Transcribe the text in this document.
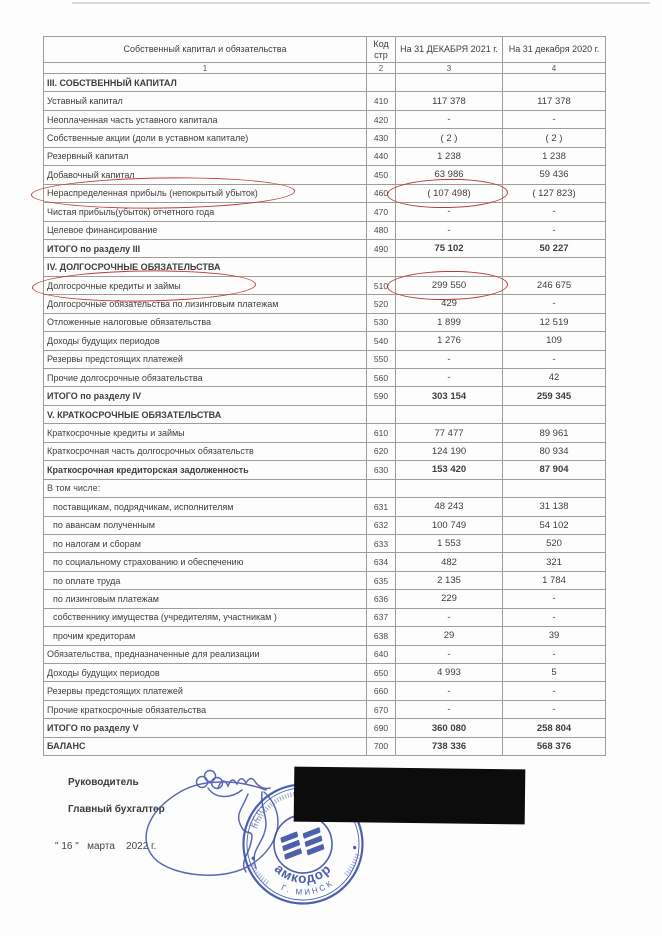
Собственный капитал и обязательства	Код стр	На 31 ДЕКАБРЯ 2021 г.	На 31 декабря 2020 г.
1	2	3	4
III. СОБСТВЕННЫЙ КАПИТАЛ			
Уставный капитал	410	117 378	117 378
Неоплаченная часть уставного капитала	420	-	-
Собственные акции (доли в уставном капитале)	430	( 2 )	( 2 )
Резервный капитал	440	1 238	1 238
Добавочный капитал	450	63 986	59 436
Нераспределенная прибыль (непокрытый убыток)	460	( 107 498)	( 127 823)
Чистая прибыль(убыток) отчетного года	470	-	-
Целевое финансирование	480	-	-
ИТОГО по разделу III	490	75 102	50 227
IV. ДОЛГОСРОЧНЫЕ ОБЯЗАТЕЛЬСТВА			
Долгосрочные кредиты и займы	510	299 550	246 675
Долгосрочные обязательства по лизинговым платежам	520	429	-
Отложенные налоговые обязательства	530	1 899	12 519
Доходы будущих периодов	540	1 276	109
Резервы предстоящих платежей	550	-	-
Прочие долгосрочные обязательства	560	-	42
ИТОГО по разделу IV	590	303 154	259 345
V. КРАТКОСРОЧНЫЕ ОБЯЗАТЕЛЬСТВА			
Краткосрочные кредиты и займы	610	77 477	89 961
Краткосрочная часть долгосрочных обязательств	620	124 190	80 934
Краткосрочная кредиторская задолженность	630	153 420	87 904
В том числе:			
поставщикам, подрядчикам, исполнителям	631	48 243	31 138
по авансам полученным	632	100 749	54 102
по налогам и сборам	633	1 553	520
по социальному страхованию и обеспечению	634	482	321
по оплате труда	635	2 135	1 784
по лизинговым платежам	636	229	-
собственнику имущества (учредителям, участникам )	637	-	-
прочим кредиторам	638	29	39
Обязательства, предназначенные для реализации	640	-	-
Доходы будущих периодов	650	4 993	5
Резервы предстоящих платежей	660	-	-
Прочие краткосрочные обязательства	670	-	-
ИТОГО по разделу V	690	360 080	258 804
БАЛАНС	700	738 336	568 376
Руководитель
Главный бухгалтер
" 16 "   марта    2022 г.
ЕСПУ
амкодор
Г. МИНСК
